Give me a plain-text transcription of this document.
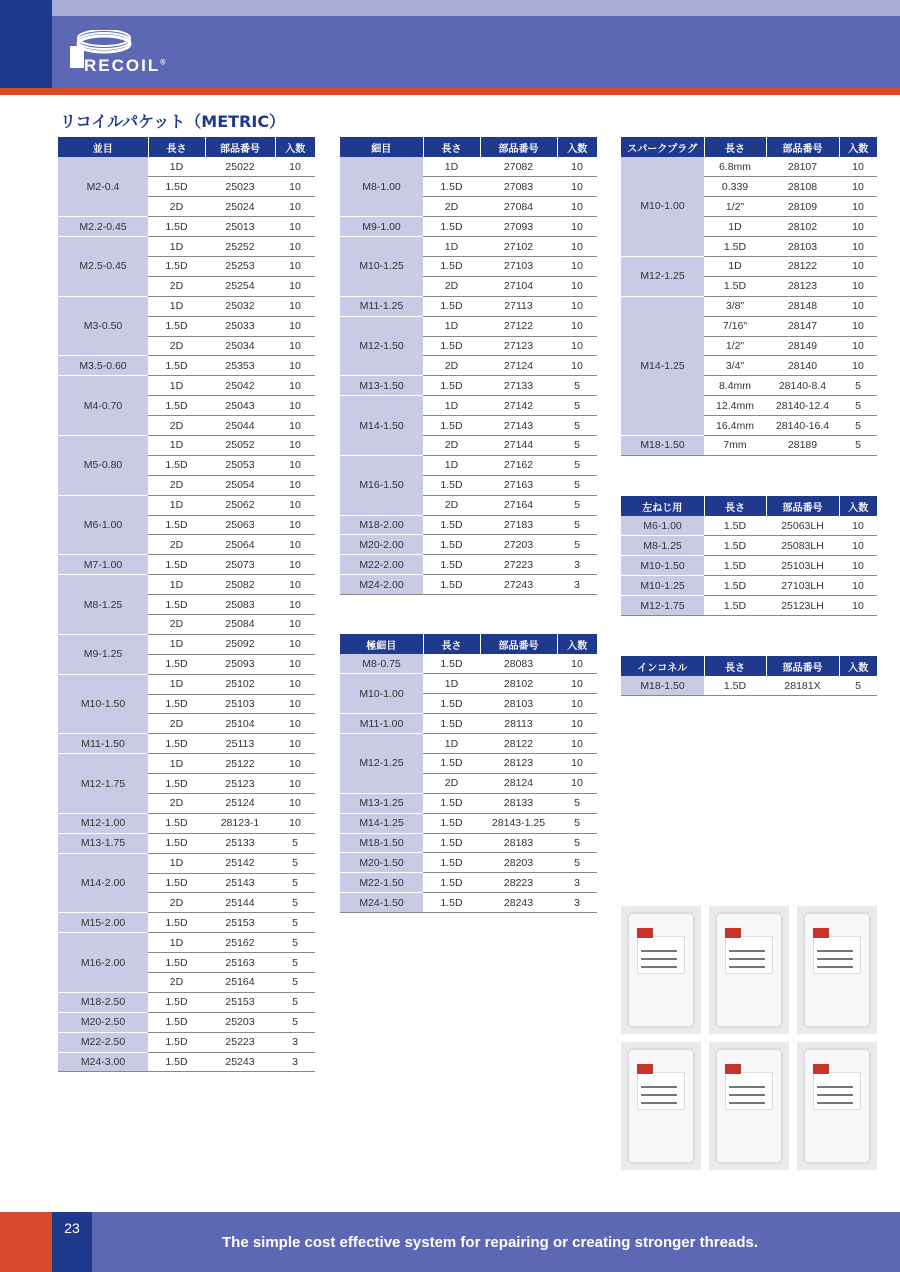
RECOIL®
リコイルパケット（METRIC）
並目	長さ	部品番号	入数
M2-0.4	1D	25022	10
	1.5D	25023	10
	2D	25024	10
M2.2-0.45	1.5D	25013	10
M2.5-0.45	1D	25252	10
	1.5D	25253	10
	2D	25254	10
M3-0.50	1D	25032	10
	1.5D	25033	10
	2D	25034	10
M3.5-0.60	1.5D	25353	10
M4-0.70	1D	25042	10
	1.5D	25043	10
	2D	25044	10
M5-0.80	1D	25052	10
	1.5D	25053	10
	2D	25054	10
M6-1.00	1D	25062	10
	1.5D	25063	10
	2D	25064	10
M7-1.00	1.5D	25073	10
M8-1.25	1D	25082	10
	1.5D	25083	10
	2D	25084	10
M9-1.25	1D	25092	10
	1.5D	25093	10
M10-1.50	1D	25102	10
	1.5D	25103	10
	2D	25104	10
M11-1.50	1.5D	25113	10
M12-1.75	1D	25122	10
	1.5D	25123	10
	2D	25124	10
M12-1.00	1.5D	28123-1	10
M13-1.75	1.5D	25133	5
M14-2.00	1D	25142	5
	1.5D	25143	5
	2D	25144	5
M15-2.00	1.5D	25153	5
M16-2.00	1D	25162	5
	1.5D	25163	5
	2D	25164	5
M18-2.50	1.5D	25153	5
M20-2.50	1.5D	25203	5
M22-2.50	1.5D	25223	3
M24-3.00	1.5D	25243	3
細目	長さ	部品番号	入数
M8-1.00	1D	27082	10
	1.5D	27083	10
	2D	27084	10
M9-1.00	1.5D	27093	10
M10-1.25	1D	27102	10
	1.5D	27103	10
	2D	27104	10
M11-1.25	1.5D	27113	10
M12-1.50	1D	27122	10
	1.5D	27123	10
	2D	27124	10
M13-1.50	1.5D	27133	5
M14-1.50	1D	27142	5
	1.5D	27143	5
	2D	27144	5
M16-1.50	1D	27162	5
	1.5D	27163	5
	2D	27164	5
M18-2.00	1.5D	27183	5
M20-2.00	1.5D	27203	5
M22-2.00	1.5D	27223	3
M24-2.00	1.5D	27243	3
極細目	長さ	部品番号	入数
M8-0.75	1.5D	28083	10
M10-1.00	1D	28102	10
	1.5D	28103	10
M11-1.00	1.5D	28113	10
M12-1.25	1D	28122	10
	1.5D	28123	10
	2D	28124	10
M13-1.25	1.5D	28133	5
M14-1.25	1.5D	28143-1.25	5
M18-1.50	1.5D	28183	5
M20-1.50	1.5D	28203	5
M22-1.50	1.5D	28223	3
M24-1.50	1.5D	28243	3
スパークプラグ	長さ	部品番号	入数
M10-1.00	6.8mm	28107	10
	0.339	28108	10
	1/2"	28109	10
	1D	28102	10
	1.5D	28103	10
M12-1.25	1D	28122	10
	1.5D	28123	10
M14-1.25	3/8"	28148	10
	7/16"	28147	10
	1/2"	28149	10
	3/4"	28140	10
	8.4mm	28140-8.4	5
	12.4mm	28140-12.4	5
	16.4mm	28140-16.4	5
M18-1.50	7mm	28189	5
左ねじ用	長さ	部品番号	入数
M6-1.00	1.5D	25063LH	10
M8-1.25	1.5D	25083LH	10
M10-1.50	1.5D	25103LH	10
M10-1.25	1.5D	27103LH	10
M12-1.75	1.5D	25123LH	10
インコネル	長さ	部品番号	入数
M18-1.50	1.5D	28181X	5
23
The simple cost effective system for repairing or creating stronger threads.
